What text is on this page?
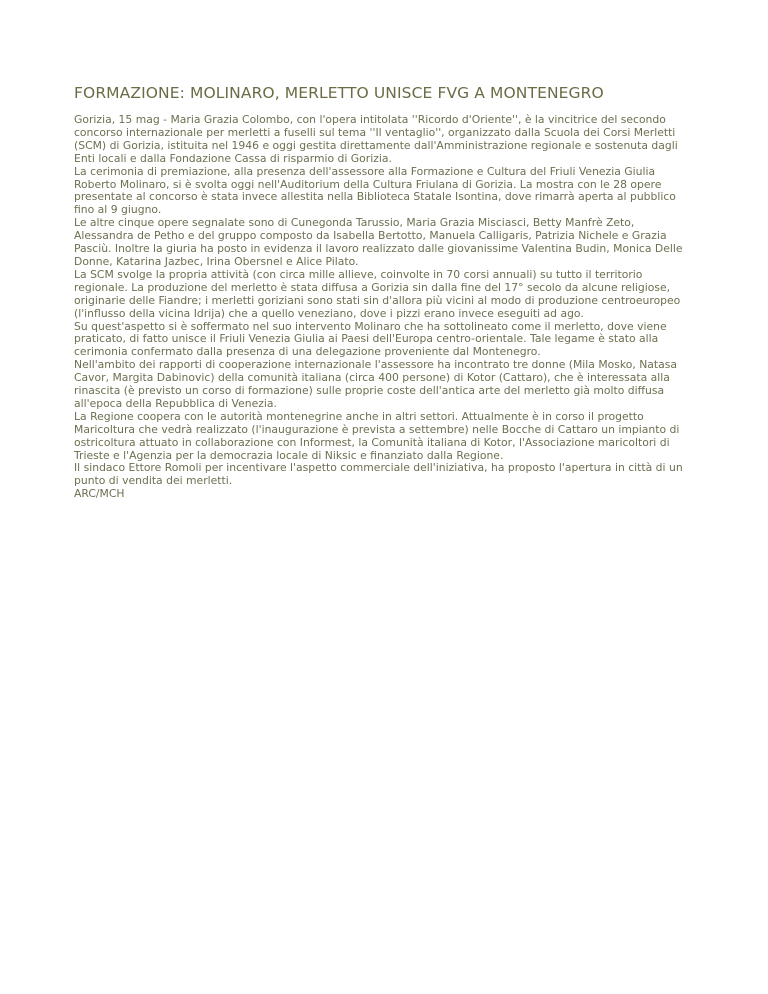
FORMAZIONE: MOLINARO, MERLETTO UNISCE FVG A MONTENEGRO

Gorizia, 15 mag - Maria Grazia Colombo, con l'opera intitolata ''Ricordo d'Oriente'', è la vincitrice del secondo concorso internazionale per merletti a fuselli sul tema ''Il ventaglio'', organizzato dalla Scuola dei Corsi Merletti (SCM) di Gorizia, istituita nel 1946 e oggi gestita direttamente dall'Amministrazione regionale e sostenuta dagli Enti locali e dalla Fondazione Cassa di risparmio di Gorizia.

La cerimonia di premiazione, alla presenza dell'assessore alla Formazione e Cultura del Friuli Venezia Giulia Roberto Molinaro, si è svolta oggi nell'Auditorium della Cultura Friulana di Gorizia. La mostra con le 28 opere presentate al concorso è stata invece allestita nella Biblioteca Statale Isontina, dove rimarrà aperta al pubblico fino al 9 giugno.

Le altre cinque opere segnalate sono di Cunegonda Tarussio, Maria Grazia Misciasci, Betty Manfrè Zeto, Alessandra de Petho e del gruppo composto da Isabella Bertotto, Manuela Calligaris, Patrizia Nichele e Grazia Pasciù. Inoltre la giuria ha posto in evidenza il lavoro realizzato dalle giovanissime Valentina Budin, Monica Delle Donne, Katarina Jazbec, Irina Obersnel e Alice Pilato.

La SCM svolge la propria attività (con circa mille allieve, coinvolte in 70 corsi annuali) su tutto il territorio regionale. La produzione del merletto è stata diffusa a Gorizia sin dalla fine del 17° secolo da alcune religiose, originarie delle Fiandre; i merletti goriziani sono stati sin d'allora più vicini al modo di produzione centroeuropeo (l'influsso della vicina Idrija) che a quello veneziano, dove i pizzi erano invece eseguiti ad ago.

Su quest'aspetto si è soffermato nel suo intervento Molinaro che ha sottolineato come il merletto, dove viene praticato, di fatto unisce il Friuli Venezia Giulia ai Paesi dell'Europa centro-orientale. Tale legame è stato alla cerimonia confermato dalla presenza di una delegazione proveniente dal Montenegro.

Nell'ambito dei rapporti di cooperazione internazionale l'assessore ha incontrato tre donne (Mila Mosko, Natasa Cavor, Margita Dabinovic) della comunità italiana (circa 400 persone) di Kotor (Cattaro), che è interessata alla rinascita (è previsto un corso di formazione) sulle proprie coste dell'antica arte del merletto già molto diffusa all'epoca della Repubblica di Venezia.

La Regione coopera con le autorità montenegrine anche in altri settori. Attualmente è in corso il progetto Maricoltura che vedrà realizzato (l'inaugurazione è prevista a settembre) nelle Bocche di Cattaro un impianto di ostricoltura attuato in collaborazione con Informest, la Comunità italiana di Kotor, l'Associazione maricoltori di Trieste e l'Agenzia per la democrazia locale di Niksic e finanziato dalla Regione.

Il sindaco Ettore Romoli per incentivare l'aspetto commerciale dell'iniziativa, ha proposto l'apertura in città di un punto di vendita dei merletti.

ARC/MCH
